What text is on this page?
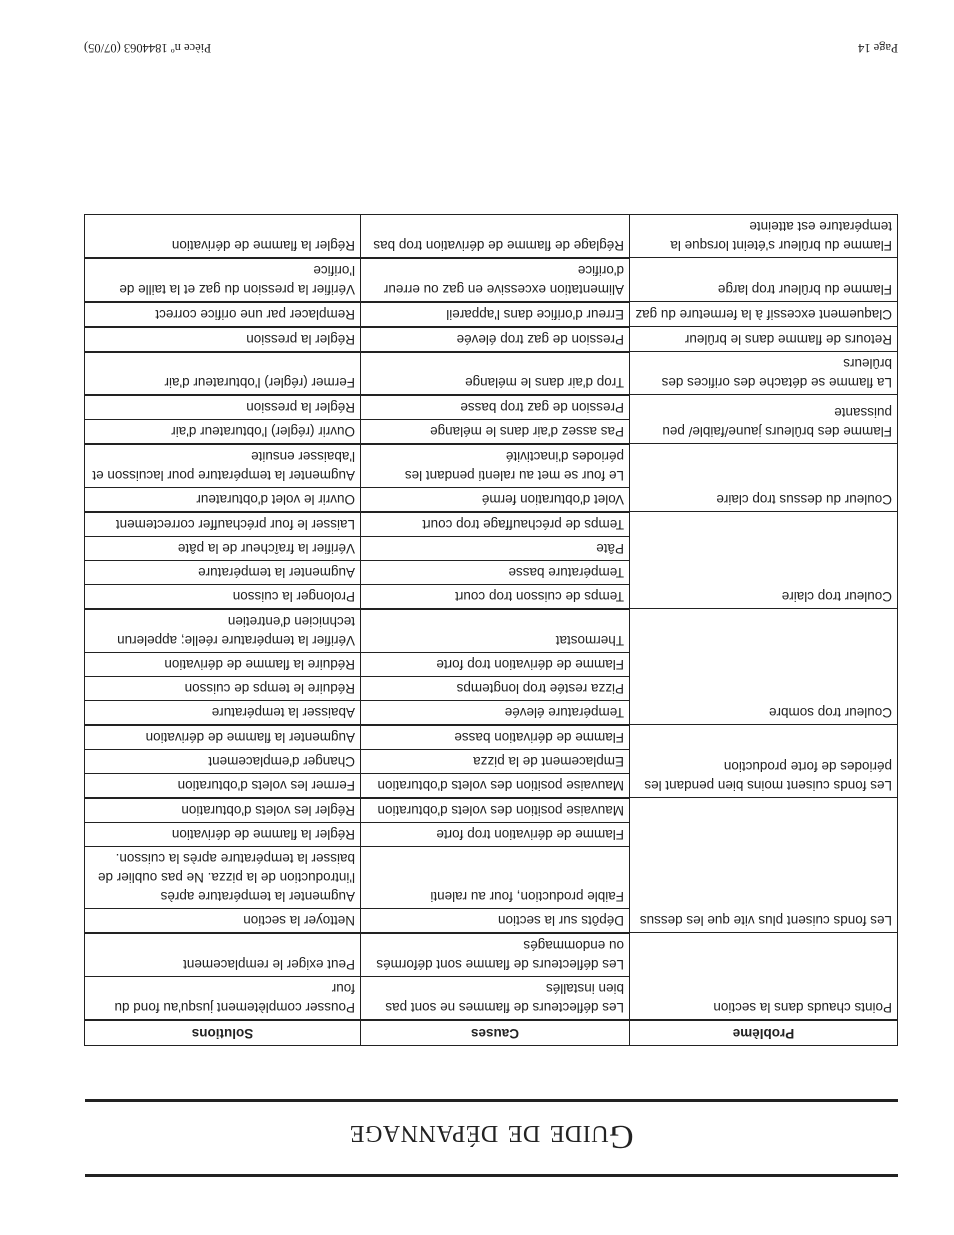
Guide de dépannage
Problème	Causes	Solutions
Points chauds dans la section	Les déflecteurs de flammes ne sont pas bien installés	Pousser complètement jusqu'au fond du four
	Les déflecteurs de flamme sont déformés ou endommagés	Peut exiger le remplacement
Les fonds cuisent plus vite que les dessus	Dépôts sur la section	Nettoyer la section
	Faible production, four au ralenti	Augmenter la température après l'introduction de la pizza. Ne pas oublier de baisser la température après la cuisson.
	Flamme de dérivation trop forte	Régler la flamme de dérivation
	Mauvaise position des volets d'obturation	Régler les volets d'obturation
Les fonds cuisent moins bien pendant les périodes de forte production	Mauvaise position des volets d'obturation	Fermer les volets d'obturation
	Emplacement de la pizza	Changer d'emplacement
	Flamme de dérivation basse	Augmenter la flamme de dérivation
Couleur trop sombre	Température élevée	Abaisser la température
	Pizza restée trop longtemps	Réduire le temps de cuisson
	Flamme de dérivation trop forte	Réduire la flamme de dérivation
	Thermostat	Vérifier la température réelle; appelerun technicien d'entretien
Couleur trop claire	Temps de cuisson trop court	Prolonger la cuisson
	Température basse	Augmenter la température
	Pâte	Vérifier la fraîcheur de la pâte
	Temps de préchauffage trop court	Laisser le four préchauffer correctement
Couleur du dessus trop claire	Volet d'obturation fermé	Ouvrir le volet d'obturateur
	Le four se met au ralenti pendant les périodes d'inactivité	Augmenter la température pour lacuisson et l'abaisser ensuite
Flamme des brûleurs jaune/faible/ peu puissante	Pas assez d'air dans le mélange	Ouvrir (régler) l'obturateur d'air
	Pression de gaz trop basse	Régler la pression
La flamme se détache des orifices des brûleurs	Trop d'air dans le mélange	Fermer (régler) l'obturateur d'air
Retours de flamme dans le brûleur	Pression de gaz trop élevée	Régler la pression
Claquement excessif à la fermeture du gaz	Erreur d'orifice dans l'appareil	Remplacer par une orifice correct
Flamme du brûleur trop large	Alimentation excessive en gaz ou erreur d'orifice	Vérifier la pression du gaz et la taille de l'orifice
Flamme du brûleur s'éteint lorsque la température est atteinte	Réglage de flamme de dérivation trop bas	Régler la flamme de dérivation
Page 14
Pièce nº 1844063 (07/05)
